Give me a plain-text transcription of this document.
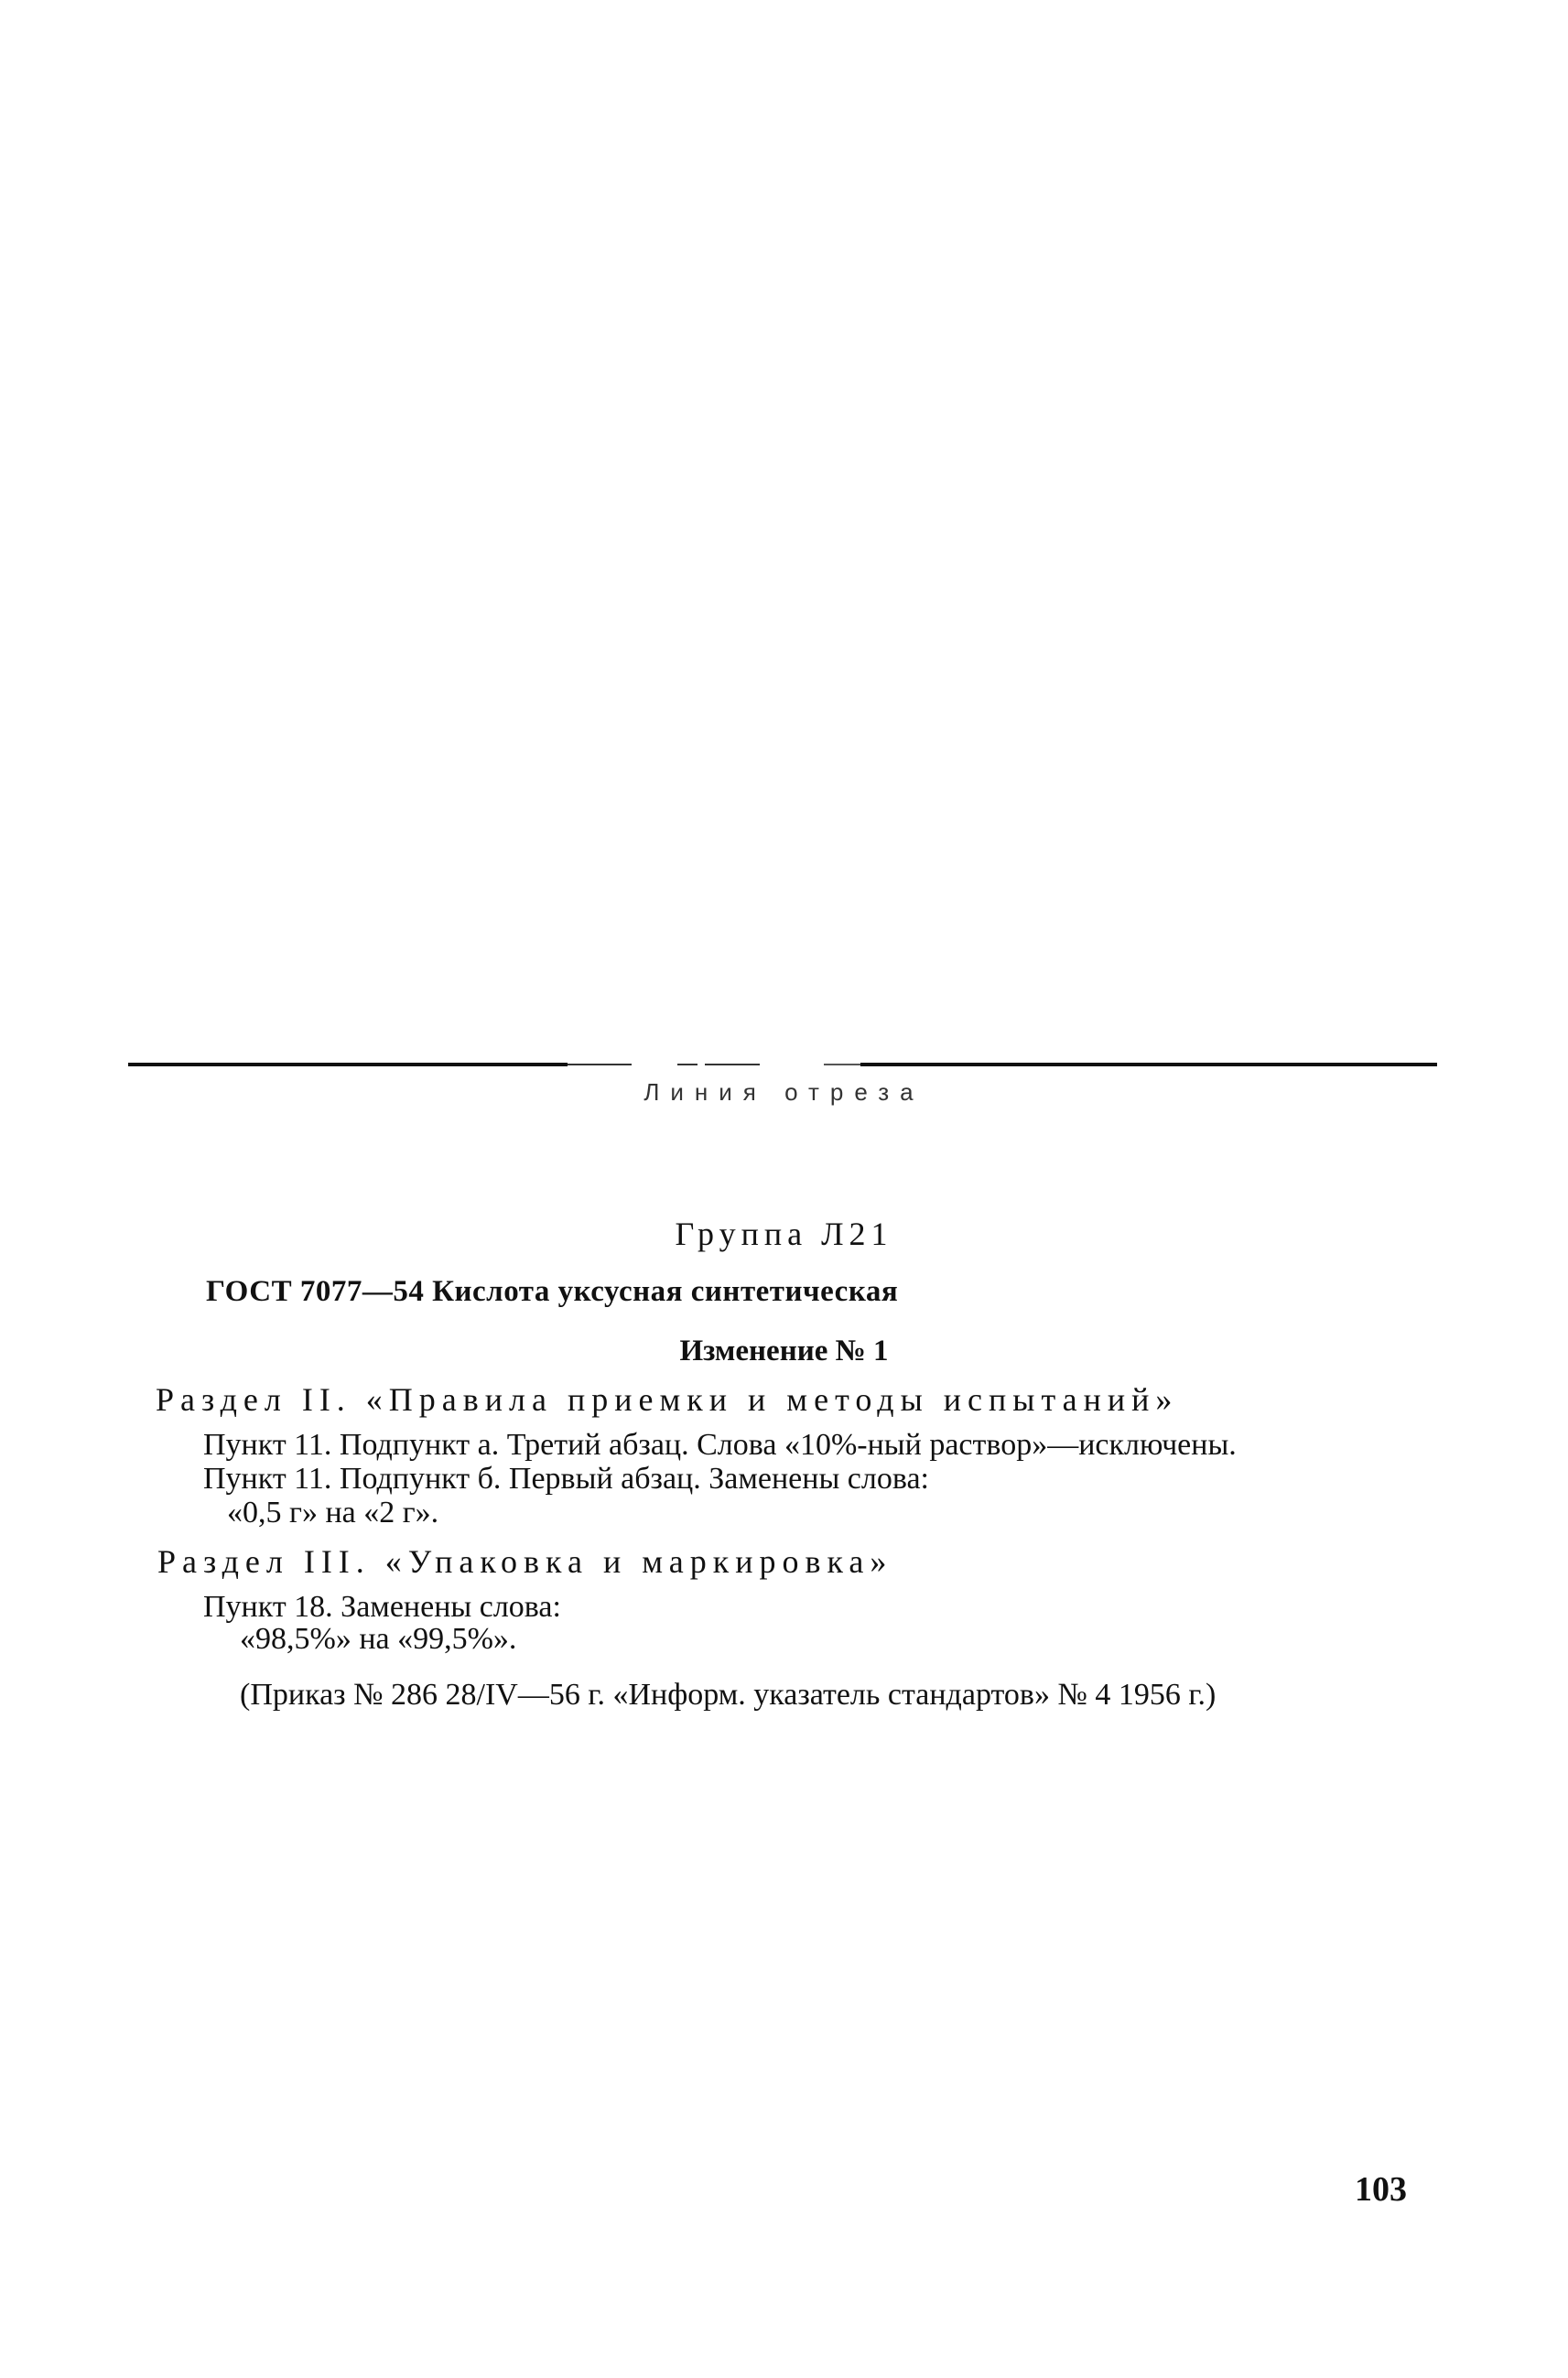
Линия отреза
Группа Л21
ГОСТ 7077—54 Кислота уксусная синтетическая
Изменение № 1
Раздел II. «Правила приемки и методы испытаний»
Пункт 11. Подпункт а. Третий абзац. Слова «10%-ный раствор»—исключены.
Пункт 11. Подпункт б. Первый абзац. Заменены слова:
«0,5 г» на «2 г».
Раздел III. «Упаковка и маркировка»
Пункт 18. Заменены слова:
«98,5%» на «99,5%».
(Приказ № 286 28/IV—56 г. «Информ. указатель стандартов» № 4 1956 г.)
103
